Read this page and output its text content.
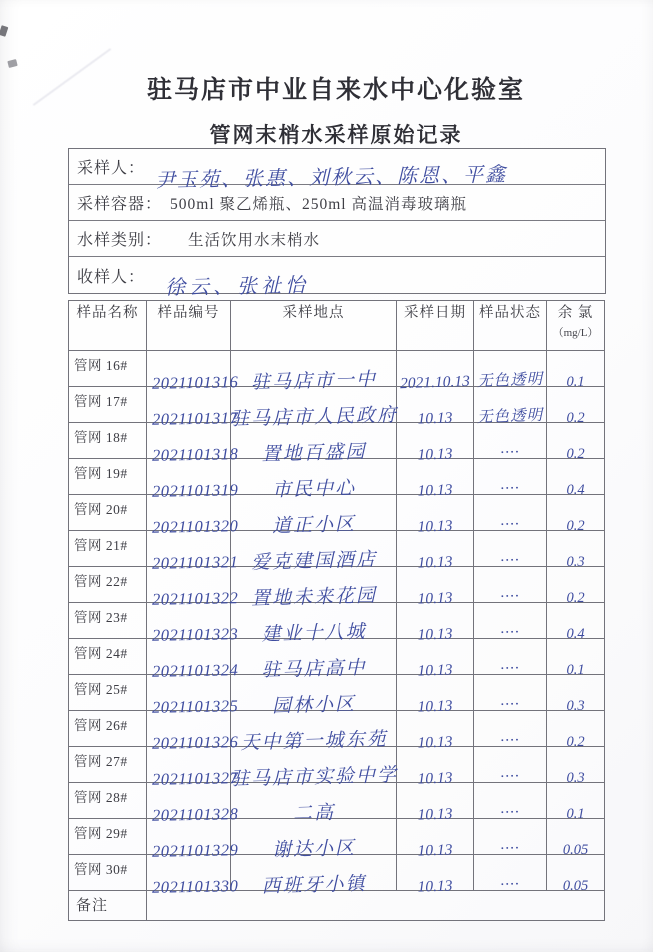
驻马店市中业自来水中心化验室
管网末梢水采样原始记录
采样人： 尹玉苑、张惠、刘秋云、陈恩、平鑫
采样容器： 500ml 聚乙烯瓶、250ml 高温消毒玻璃瓶
水样类别： 生活饮用水末梢水
收样人： 徐云、张祉怡
样品名称	样品编号	采样地点	采样日期	样品状态	余 氯
（mg/L）

管网 16#	2021101316	驻马店市一中	2021.10.13	无色透明	0.1

管网 17#	2021101317	驻马店市人民政府	10.13	无色透明	0.2

管网 18#	2021101318	置地百盛园	10.13	····	0.2

管网 19#	2021101319	市民中心	10.13	····	0.4

管网 20#	2021101320	道正小区	10.13	····	0.2

管网 21#	2021101321	爱克建国酒店	10.13	····	0.3

管网 22#	2021101322	置地未来花园	10.13	····	0.2

管网 23#	2021101323	建业十八城	10.13	····	0.4

管网 24#	2021101324	驻马店高中	10.13	····	0.1

管网 25#	2021101325	园林小区	10.13	····	0.3

管网 26#	2021101326	天中第一城东苑	10.13	····	0.2

管网 27#	2021101327	驻马店市实验中学	10.13	····	0.3

管网 28#	2021101328	二高	10.13	····	0.1

管网 29#	2021101329	谢达小区	10.13	····	0.05

管网 30#	2021101330	西班牙小镇	10.13	····	0.05

备注					
